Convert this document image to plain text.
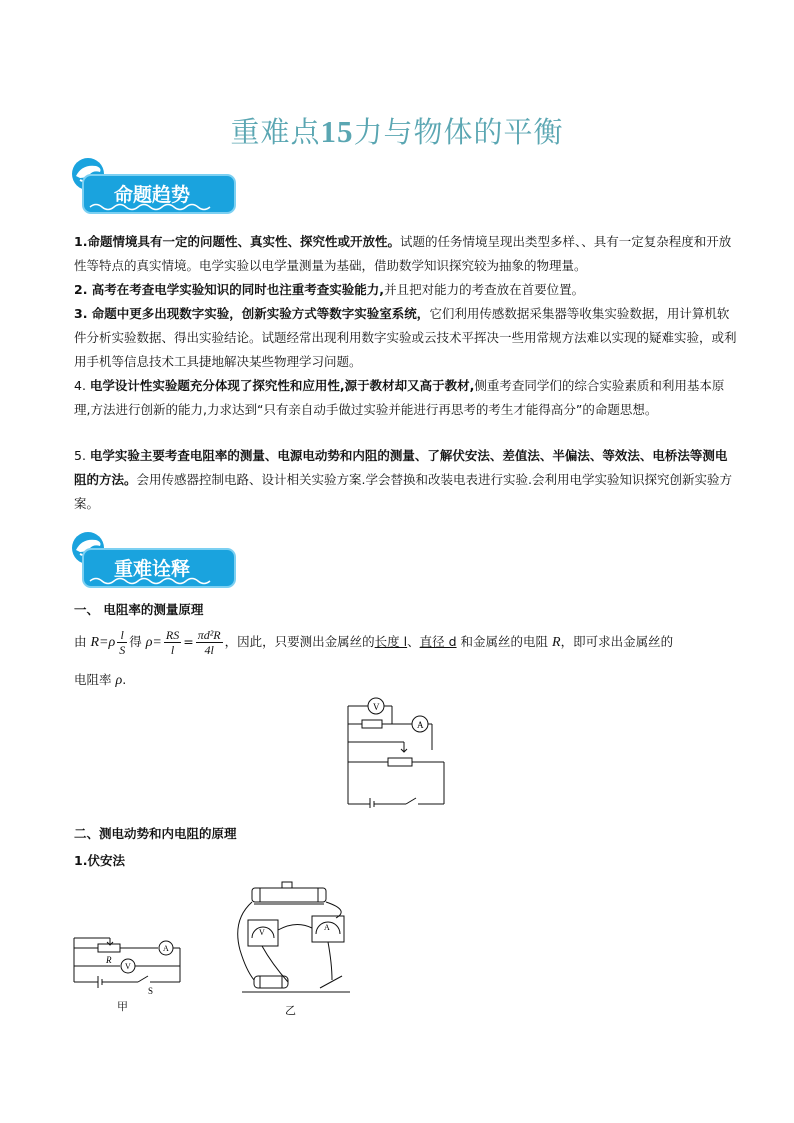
重难点15力与物体的平衡
命题趋势
1.命题情境具有一定的问题性、真实性、探究性或开放性。试题的任务情境呈现出类型多样、、具有一定复杂程度和开放性等特点的真实情境。电学实验以电学量测量为基础，借助数学知识探究较为抽象的物理量。
2. 高考在考查电学实验知识的同时也注重考查实验能力,并且把对能力的考查放在首要位置。
3. 命题中更多出现数字实验，创新实验方式等数字实验室系统，它们利用传感数据采集器等收集实验数据，用计算机软件分析实验数据、得出实验结论。试题经常出现利用数字实验或云技术平挥决一些用常规方法难以实现的疑难实验，或利用手机等信息技术工具捷地解决某些物理学习问题。
4. 电学设计性实验题充分体现了探究性和应用性,源于教材却又高于教材,侧重考查同学们的综合实验素质和利用基本原理,方法进行创新的能力,力求达到“只有亲自动手做过实验并能进行再思考的考生才能得高分”的命题思想。
5. 电学实验主要考查电阻率的测量、电源电动势和内阻的测量、了解伏安法、差值法、半偏法、等效法、电桥法等测电阻的方法。会用传感器控制电路、设计相关实验方案.学会替换和改装电表进行实验.会利用电学实验知识探究创新实验方案。
重难诠释
一、 电阻率的测量原理
由 $R=\rho \frac{l}{S}$ 得 $\rho= \frac{RS}{l} = \frac{\text{πd²R}}{4l}$ ，因此，只要测出金属丝的长度 l、直径 d 和金属丝的电阻 R，即可求出金属丝的
电阻率 ρ.
V
A
二、测电动势和内电阻的原理
1.伏安法
A
V
R
S
甲
V
A
乙
